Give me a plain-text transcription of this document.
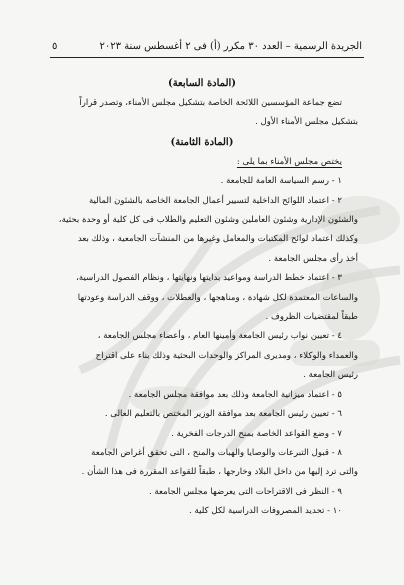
الجريدة الرسمية – العدد ٣٠ مكرر (أ) فى ٢ أغسطس سنة ٢٠٢٣
٥

(المادة السابعة)

تضع جماعة المؤسسين اللائحة الخاصة بتشكيل مجلس الأمناء، وتصدر قراراً

بتشكيل مجلس الأمناء الأول .

(المادة الثامنة)

يختص مجلس الأمناء بما يلى :

١ - رسم السياسة العامة للجامعة .

٢ - اعتماد اللوائح الداخلية لتسيير أعمال الجامعة الخاصة بالشئون المالية

والشئون الإدارية وشئون العاملين وشئون التعليم والطلاب فى كل كلية أو وحدة بحثية،

وكذلك اعتماد لوائح المكتبات والمعامل وغيرها من المنشآت الجامعية ، وذلك بعد

أخذ رأى مجلس الجامعة .

٣ - اعتماد خطط الدراسة ومواعيد بدايتها ونهايتها ، ونظام الفصول الدراسية،

والساعات المعتمدة لكل شهادة ، ومناهجها ، والعطلات ، ووقف الدراسة وعودتها

طبقاً لمقتضيات الظروف .

٤ - تعيين نواب رئيس الجامعة وأمينها العام ، وأعضاء مجلس الجامعة ،

والعمداء والوكلاء ، ومديرى المراكز والوحدات البحثية وذلك بناء على اقتراح

رئيس الجامعة .

٥ - اعتماد ميزانية الجامعة وذلك بعد موافقة مجلس الجامعة .

٦ - تعيين رئيس الجامعة بعد موافقة الوزير المختص بالتعليم العالى .

٧ - وضع القواعد الخاصة بمنح الدرجات الفخرية .

٨ - قبول التبرعات والوصايا والهبات والمنح ، التى تحقق أغراض الجامعة

والتى ترد إليها من داخل البلاد وخارجها ، طبقاً للقواعد المقررة فى هذا الشأن .

٩ - النظر فى الاقتراحات التى يعرضها مجلس الجامعة .

١٠ - تحديد المصروفات الدراسية لكل كلية .
